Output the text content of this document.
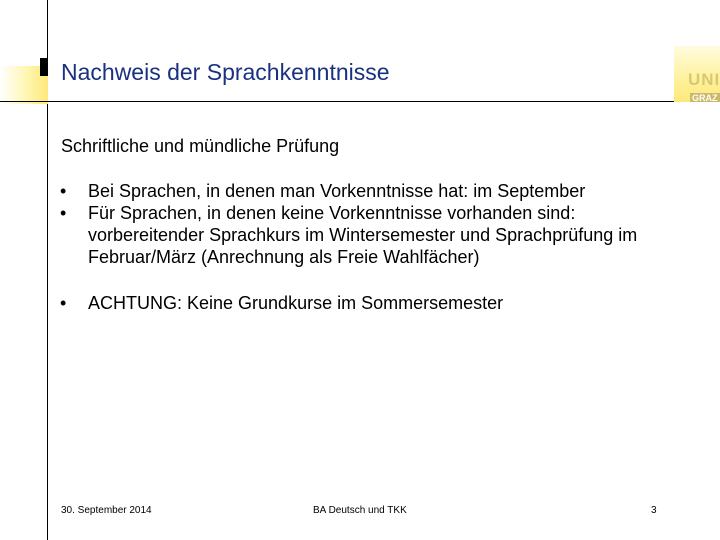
Nachweis der Sprachkenntnisse	UNI
GRAZ
Schriftliche und mündliche Prüfung
• Bei Sprachen, in denen man Vorkenntnisse hat: im September
• Für Sprachen, in denen keine Vorkenntnisse vorhanden sind: vorbereitender Sprachkurs im Wintersemester und Sprachprüfung im Februar/März (Anrechnung als Freie Wahlfächer)
• ACHTUNG: Keine Grundkurse im Sommersemester
30. September 2014	BA Deutsch und TKK	3
